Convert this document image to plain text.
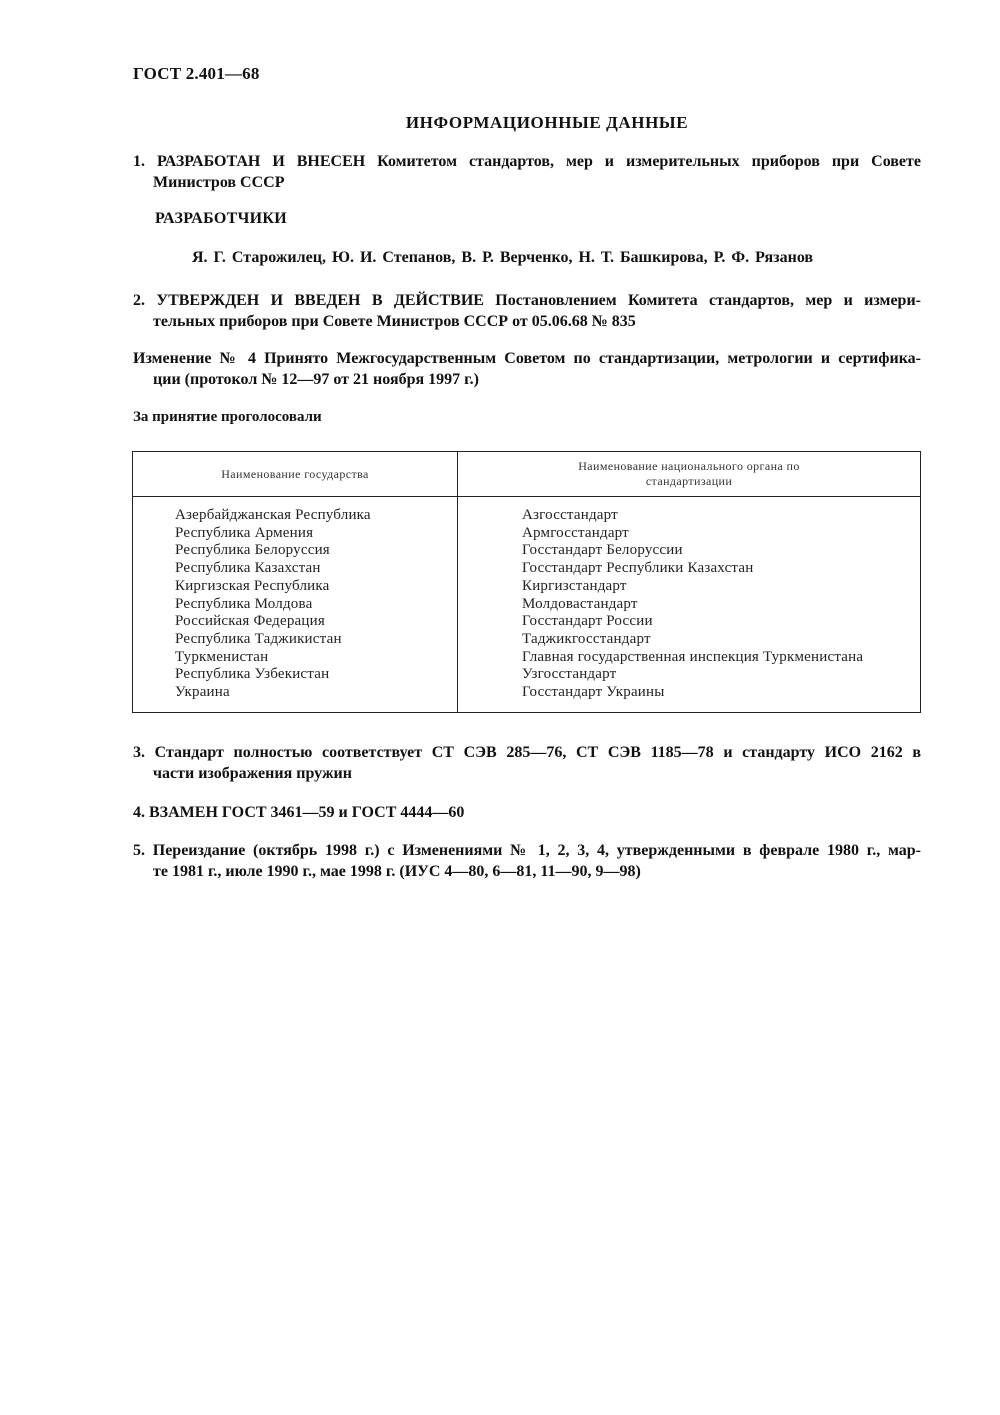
ГОСТ 2.401—68
ИНФОРМАЦИОННЫЕ ДАННЫЕ
1. РАЗРАБОТАН И ВНЕСЕН Комитетом стандартов, мер и измерительных приборов при Совете
Министров СССР
РАЗРАБОТЧИКИ
Я. Г. Старожилец, Ю. И. Степанов, В. Р. Верченко, Н. Т. Башкирова, Р. Ф. Рязанов
2. УТВЕРЖДЕН И ВВЕДЕН В ДЕЙСТВИЕ Постановлением Комитета стандартов, мер и измери-
тельных приборов при Совете Министров СССР от 05.06.68 № 835
Изменение № 4 Принято Межгосударственным Советом по стандартизации, метрологии и сертифика-
ции (протокол № 12—97 от 21 ноября 1997 г.)
За принятие проголосовали
Наименование государства
Наименование национального органа по
стандартизации
Азербайджанская Республика
Республика Армения
Республика Белоруссия
Республика Казахстан
Киргизская Республика
Республика Молдова
Российская Федерация
Республика Таджикистан
Туркменистан
Республика Узбекистан
Украина
Азгосстандарт
Армгосстандарт
Госстандарт Белоруссии
Госстандарт Республики Казахстан
Киргизстандарт
Молдовастандарт
Госстандарт России
Таджикгосстандарт
Главная государственная инспекция Туркменистана
Узгосстандарт
Госстандарт Украины
3. Стандарт полностью соответствует СТ СЭВ 285—76, СТ СЭВ 1185—78 и стандарту ИСО 2162 в
части изображения пружин
4. ВЗАМЕН ГОСТ 3461—59 и ГОСТ 4444—60
5. Переиздание (октябрь 1998 г.) с Изменениями № 1, 2, 3, 4, утвержденными в феврале 1980 г., мар-
те 1981 г., июле 1990 г., мае 1998 г. (ИУС 4—80, 6—81, 11—90, 9—98)
